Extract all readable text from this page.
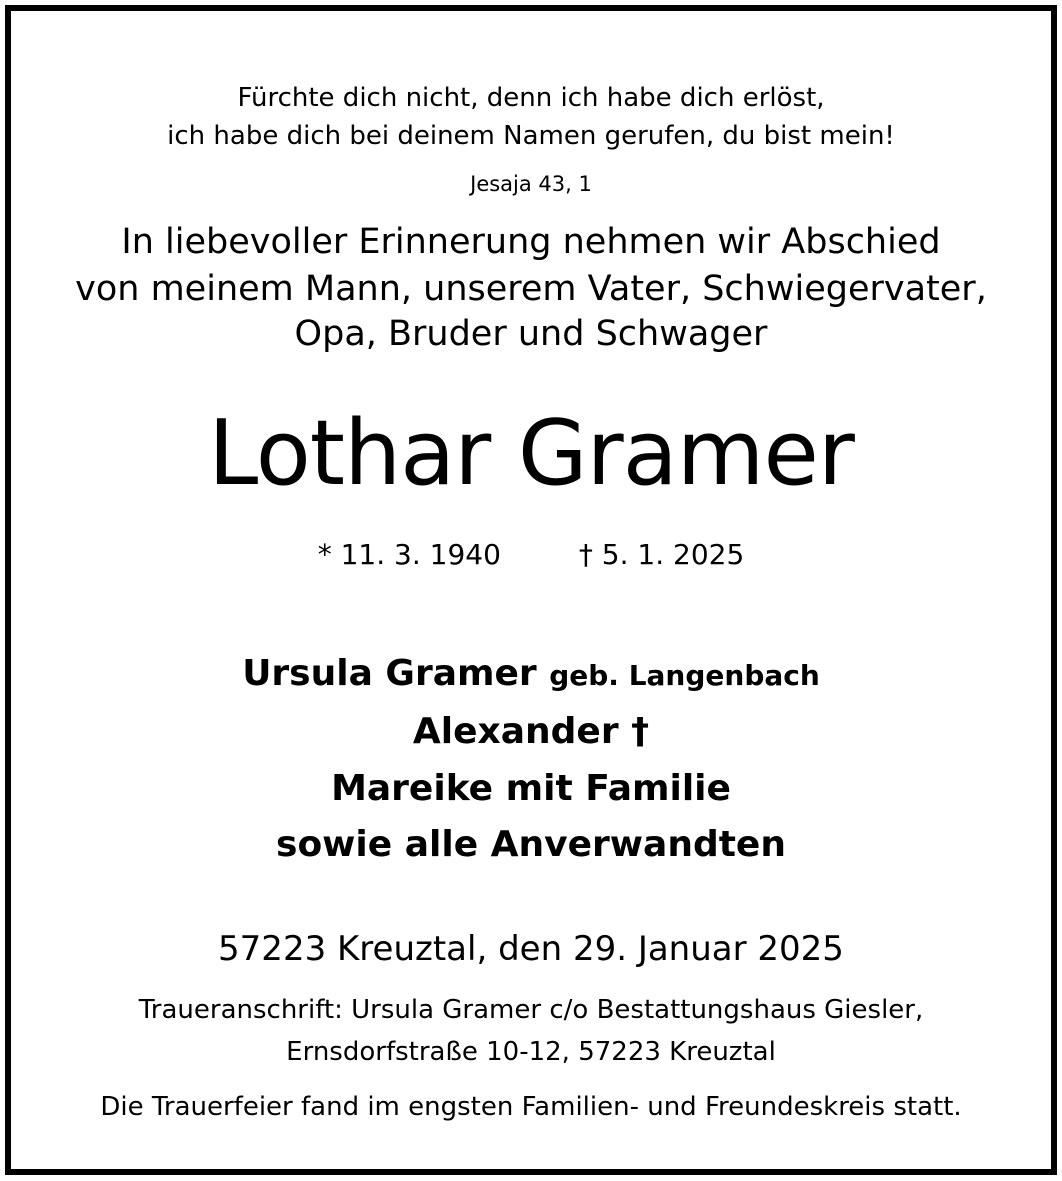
Fürchte dich nicht, denn ich habe dich erlöst,
ich habe dich bei deinem Namen gerufen, du bist mein!
Jesaja 43, 1
In liebevoller Erinnerung nehmen wir Abschied
von meinem Mann, unserem Vater, Schwiegervater,
Opa, Bruder und Schwager
Lothar Gramer
* 11. 3. 1940	† 5. 1. 2025
Ursula Gramer geb. Langenbach
Alexander †
Mareike mit Familie
sowie alle Anverwandten
57223 Kreuztal, den 29. Januar 2025
Traueranschrift: Ursula Gramer c/o Bestattungshaus Giesler,
Ernsdorfstraße 10-12, 57223 Kreuztal
Die Trauerfeier fand im engsten Familien- und Freundeskreis statt.
